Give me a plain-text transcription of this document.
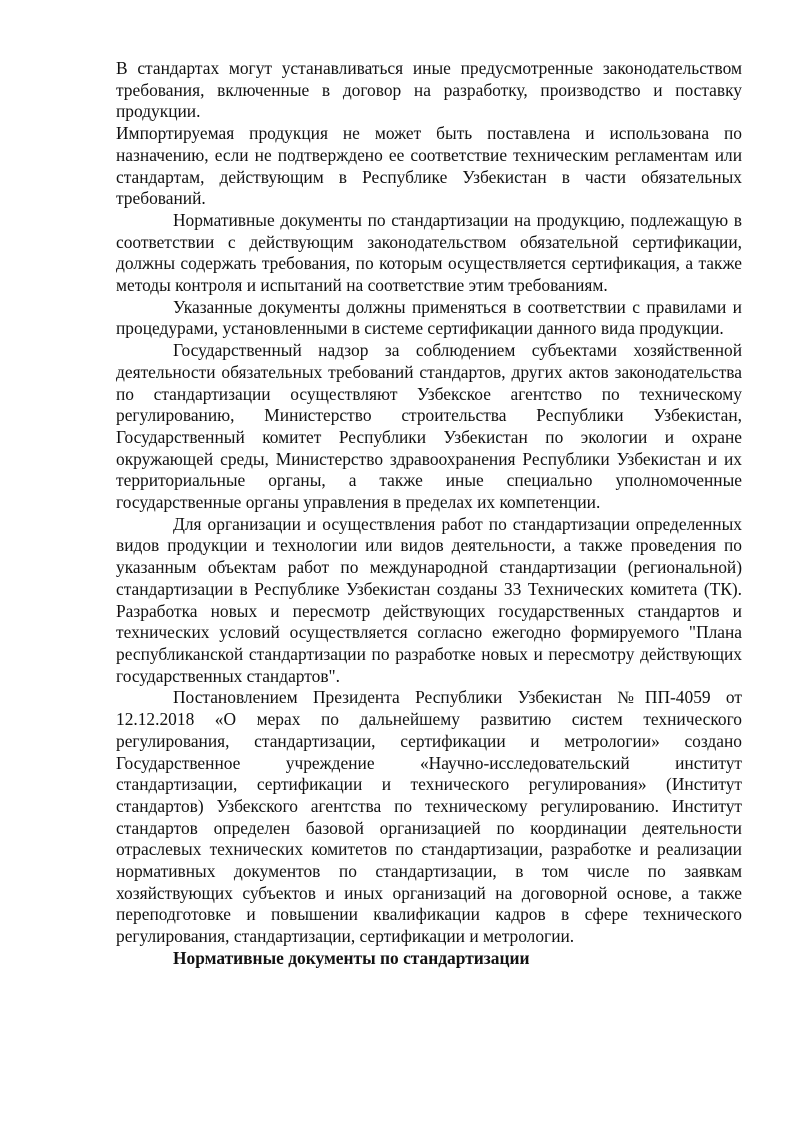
В стандартах могут устанавливаться иные предусмотренные законодательством требования, включенные в договор на разработку, производство и поставку продукции.

Импортируемая продукция не может быть поставлена и использована по назначению, если не подтверждено ее соответствие техническим регламентам или стандартам, действующим в Республике Узбекистан в части обязательных требований.

Нормативные документы по стандартизации на продукцию, подлежащую в соответствии с действующим законодательством обязательной сертификации, должны содержать требования, по которым осуществляется сертификация, а также методы контроля и испытаний на соответствие этим требованиям.

Указанные документы должны применяться в соответствии с правилами и процедурами, установленными в системе сертификации данного вида продукции.

Государственный надзор за соблюдением субъектами хозяйственной деятельности обязательных требований стандартов, других актов законодательства по стандартизации осуществляют Узбекское агентство по техническому регулированию, Министерство строительства Республики Узбекистан, Государственный комитет Республики Узбекистан по экологии и охране окружающей среды, Министерство здравоохранения Республики Узбекистан и их территориальные органы, а также иные специально уполномоченные государственные органы управления в пределах их компетенции.

Для организации и осуществления работ по стандартизации определенных видов продукции и технологии или видов деятельности, а также проведения по указанным объектам работ по международной стандартизации (региональной) стандартизации в Республике Узбекистан созданы 33 Технических комитета (ТК). Разработка новых и пересмотр действующих государственных стандартов и технических условий осуществляется согласно ежегодно формируемого "Плана республиканской стандартизации по разработке новых и пересмотру действующих государственных стандартов".

Постановлением Президента Республики Узбекистан №ПП-4059 от 12.12.2018 «О мерах по дальнейшему развитию систем технического регулирования, стандартизации, сертификации и метрологии» создано Государственное учреждение «Научно-исследовательский институт стандартизации, сертификации и технического регулирования» (Институт стандартов) Узбекского агентства по техническому регулированию. Институт стандартов определен базовой организацией по координации деятельности отраслевых технических комитетов по стандартизации, разработке и реализации нормативных документов по стандартизации, в том числе по заявкам хозяйствующих субъектов и иных организаций на договорной основе, а также переподготовке и повышении квалификации кадров в сфере технического регулирования, стандартизации, сертификации и метрологии.

Нормативные документы по стандартизации
